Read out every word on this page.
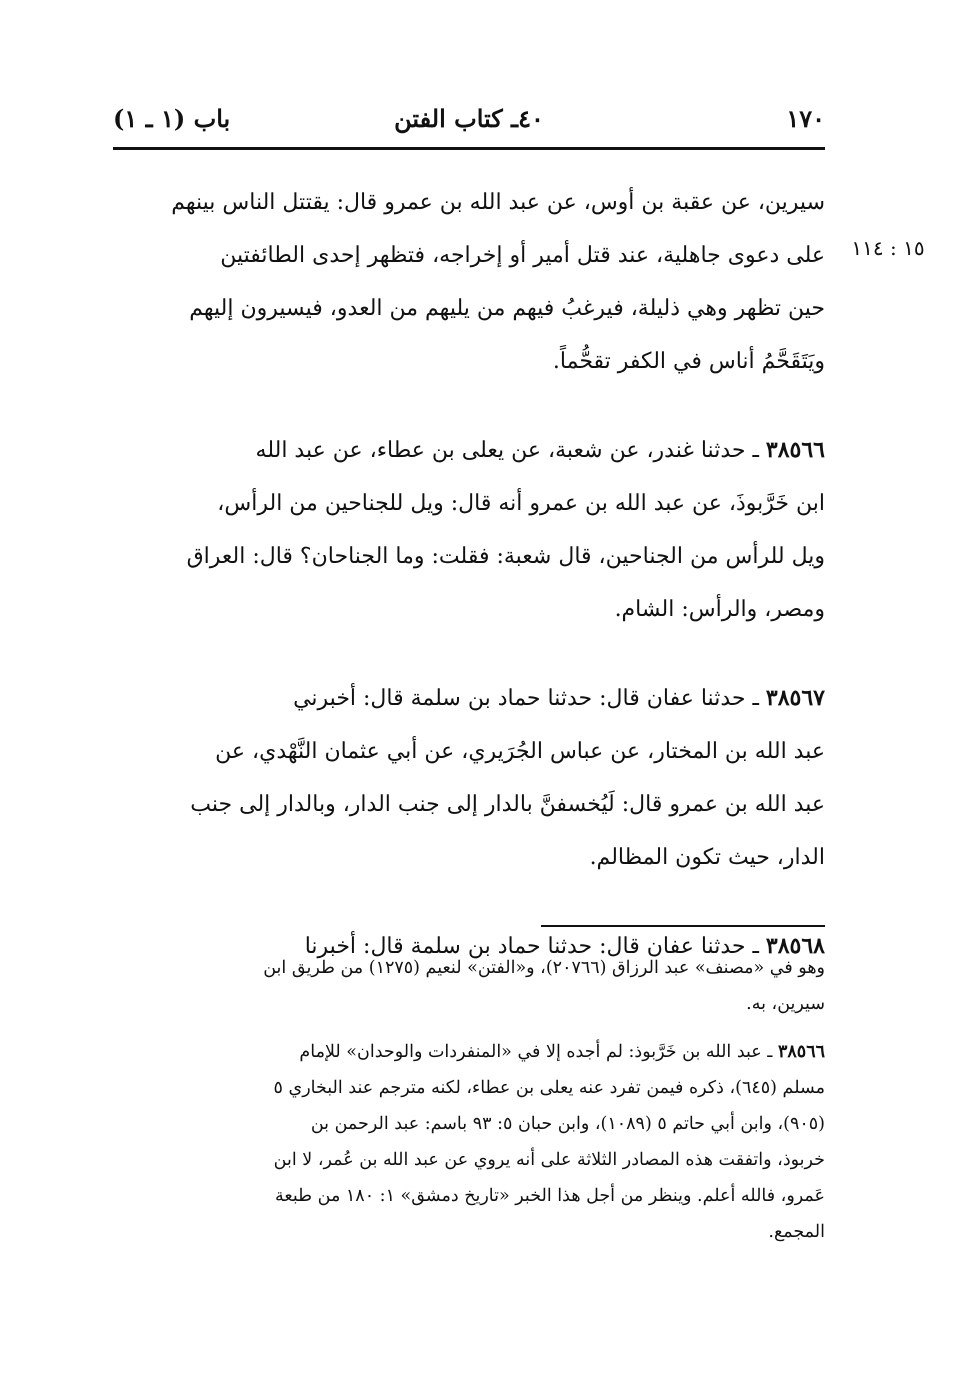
١٧٠
٤٠ـ كتاب الفتن
باب (١ ـ ١)
١٥ : ١١٤
سيرين، عن عقبة بن أوس، عن عبد الله بن عمرو قال: يقتتل الناس بينهم
على دعوى جاهلية، عند قتل أمير أو إخراجه، فتظهر إحدى الطائفتين
حين تظهر وهي ذليلة، فيرغبُ فيهم من يليهم من العدو، فيسيرون إليهم
ويَتَقَحَّمُ أناس في الكفر تقحُّماً.
٣٨٥٦٦ ـ حدثنا غندر، عن شعبة، عن يعلى بن عطاء، عن عبد الله
ابن خَرَّبوذَ، عن عبد الله بن عمرو أنه قال: ويل للجناحين من الرأس،
ويل للرأس من الجناحين، قال شعبة: فقلت: وما الجناحان؟ قال: العراق
ومصر، والرأس: الشام.
٣٨٥٦٧ ـ حدثنا عفان قال: حدثنا حماد بن سلمة قال: أخبرني
عبد الله بن المختار، عن عباس الجُرَيري، عن أبي عثمان النَّهْدي، عن
عبد الله بن عمرو قال: لَيُخسفنَّ بالدار إلى جنب الدار، وبالدار إلى جنب
الدار، حيث تكون المظالم.
٣٨٥٦٨ ـ حدثنا عفان قال: حدثنا حماد بن سلمة قال: أخبرنا
وهو في «مصنف» عبد الرزاق (٢٠٧٦٦)، و«الفتن» لنعيم (١٢٧٥) من طريق ابن
سيرين، به.
٣٨٥٦٦ ـ عبد الله بن خَرَّبوذ: لم أجده إلا في «المنفردات والوحدان» للإمام
مسلم (٦٤٥)، ذكره فيمن تفرد عنه يعلى بن عطاء، لكنه مترجم عند البخاري ٥
(٩٠٥)، وابن أبي حاتم ٥ (١٠٨٩)، وابن حبان ٥: ٩٣ باسم: عبد الرحمن بن
خربوذ، واتفقت هذه المصادر الثلاثة على أنه يروي عن عبد الله بن عُمر، لا ابن
عَمرو، فالله أعلم. وينظر من أجل هذا الخبر «تاريخ دمشق» ١: ١٨٠ من طبعة
المجمع.
